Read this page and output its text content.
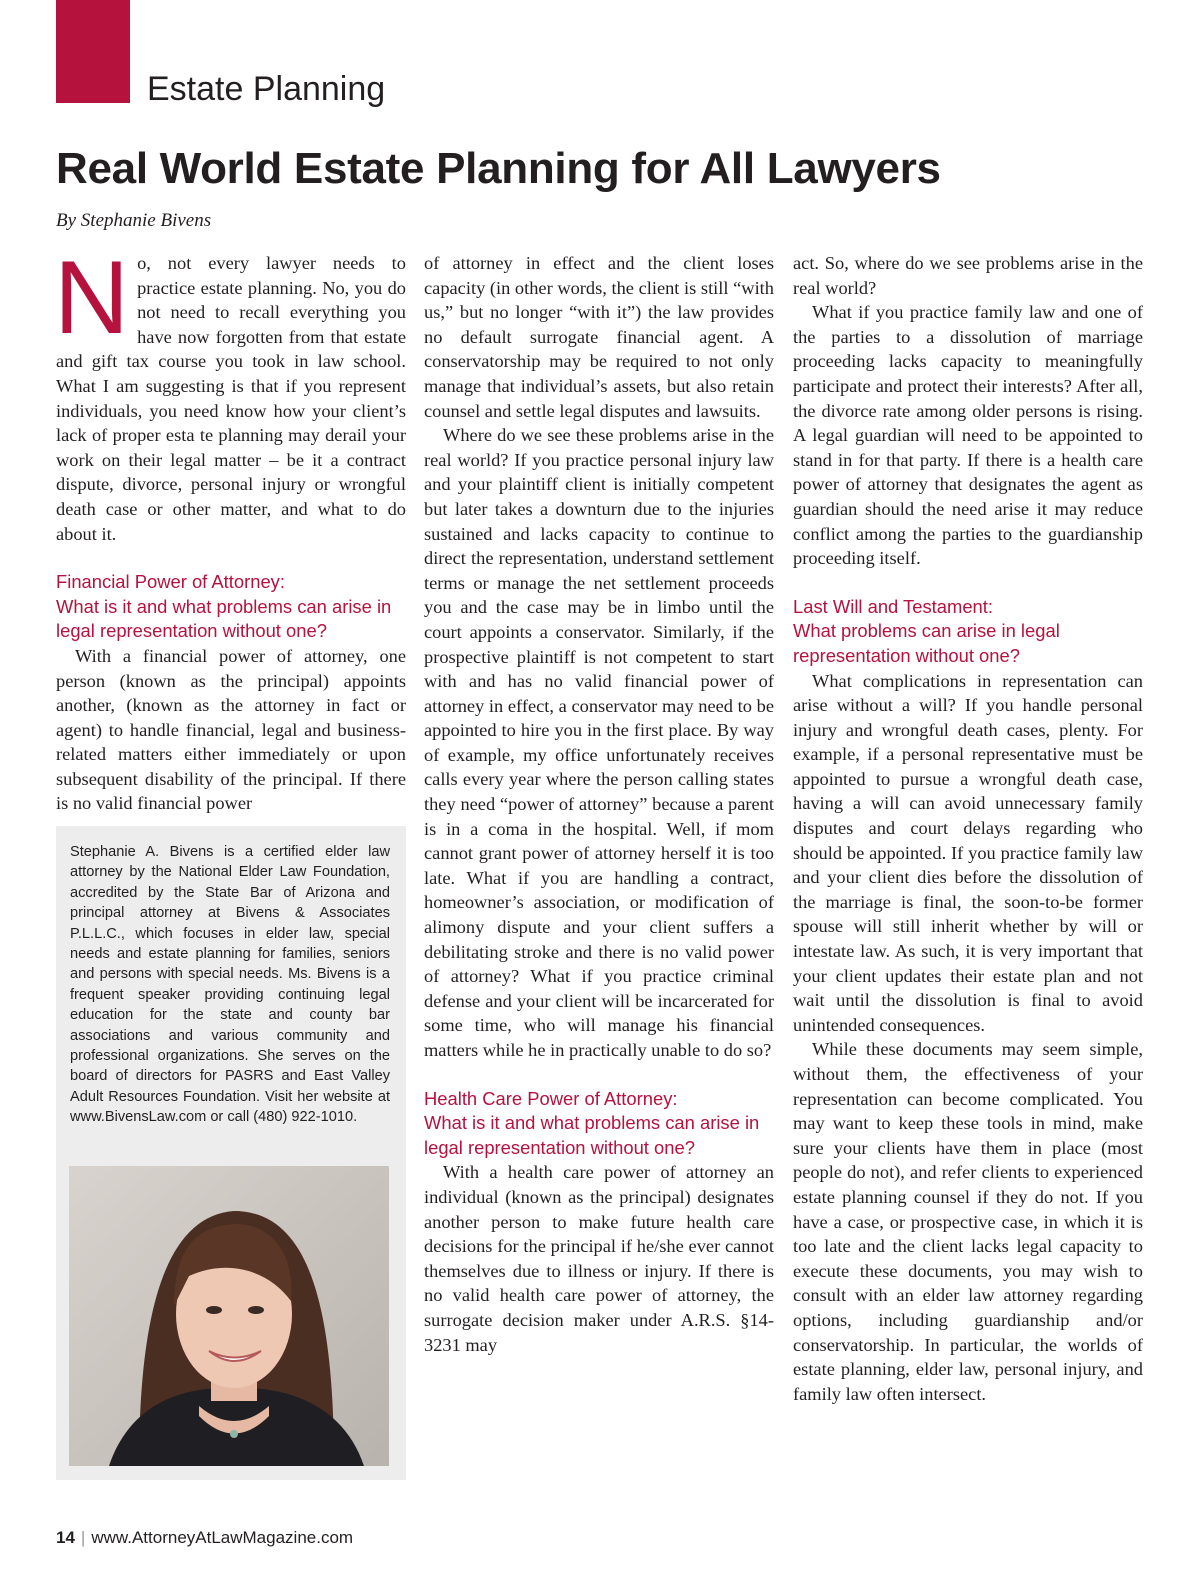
Estate Planning
Real World Estate Planning for All Lawyers
By Stephanie Bivens

No, not every lawyer needs to practice estate planning. No, you do not need to recall everything you have now forgotten from that estate and gift tax course you took in law school. What I am suggesting is that if you represent individuals, you need know how your client’s lack of proper esta te planning may derail your work on their legal matter – be it a contract dispute, divorce, personal injury or wrongful death case or other matter, and what to do about it.

Financial Power of Attorney:
What is it and what problems can arise in legal representation without one?

With a financial power of attorney, one person (known as the principal) appoints another, (known as the attorney in fact or agent) to handle financial, legal and business-related matters either immediately or upon subsequent disability of the principal. If there is no valid financial power

Stephanie A. Bivens is a certified elder law attorney by the National Elder Law Foundation, accredited by the State Bar of Arizona and principal attorney at Bivens & Associates P.L.L.C., which focuses in elder law, special needs and estate planning for families, seniors and persons with special needs. Ms. Bivens is a frequent speaker providing continuing legal education for the state and county bar associations and various community and professional organizations. She serves on the board of directors for PASRS and East Valley Adult Resources Foundation. Visit her website at www.BivensLaw.com or call (480) 922-1010.

of attorney in effect and the client loses capacity (in other words, the client is still “with us,” but no longer “with it”) the law provides no default surrogate financial agent. A conservatorship may be required to not only manage that individual’s assets, but also retain counsel and settle legal disputes and lawsuits.

Where do we see these problems arise in the real world? If you practice personal injury law and your plaintiff client is initially competent but later takes a downturn due to the injuries sustained and lacks capacity to continue to direct the representation, understand settlement terms or manage the net settlement proceeds you and the case may be in limbo until the court appoints a conservator. Similarly, if the prospective plaintiff is not competent to start with and has no valid financial power of attorney in effect, a conservator may need to be appointed to hire you in the first place. By way of example, my office unfortunately receives calls every year where the person calling states they need “power of attorney” because a parent is in a coma in the hospital. Well, if mom cannot grant power of attorney herself it is too late. What if you are handling a contract, homeowner’s association, or modification of alimony dispute and your client suffers a debilitating stroke and there is no valid power of attorney? What if you practice criminal defense and your client will be incarcerated for some time, who will manage his financial matters while he in practically unable to do so?

Health Care Power of Attorney:
What is it and what problems can arise in legal representation without one?

With a health care power of attorney an individual (known as the principal) designates another person to make future health care decisions for the principal if he/she ever cannot themselves due to illness or injury. If there is no valid health care power of attorney, the surrogate decision maker under A.R.S. §14-3231 may

act. So, where do we see problems arise in the real world?

What if you practice family law and one of the parties to a dissolution of marriage proceeding lacks capacity to meaningfully participate and protect their interests? After all, the divorce rate among older persons is rising. A legal guardian will need to be appointed to stand in for that party. If there is a health care power of attorney that designates the agent as guardian should the need arise it may reduce conflict among the parties to the guardianship proceeding itself.

Last Will and Testament:
What problems can arise in legal representation without one?

What complications in representation can arise without a will? If you handle personal injury and wrongful death cases, plenty. For example, if a personal representative must be appointed to pursue a wrongful death case, having a will can avoid unnecessary family disputes and court delays regarding who should be appointed. If you practice family law and your client dies before the dissolution of the marriage is final, the soon-to-be former spouse will still inherit whether by will or intestate law. As such, it is very important that your client updates their estate plan and not wait until the dissolution is final to avoid unintended consequences.

While these documents may seem simple, without them, the effectiveness of your representation can become complicated. You may want to keep these tools in mind, make sure your clients have them in place (most people do not), and refer clients to experienced estate planning counsel if they do not. If you have a case, or prospective case, in which it is too late and the client lacks legal capacity to execute these documents, you may wish to consult with an elder law attorney regarding options, including guardianship and/or conservatorship. In particular, the worlds of estate planning, elder law, personal injury, and family law often intersect.

14 | www.AttorneyAtLawMagazine.com
